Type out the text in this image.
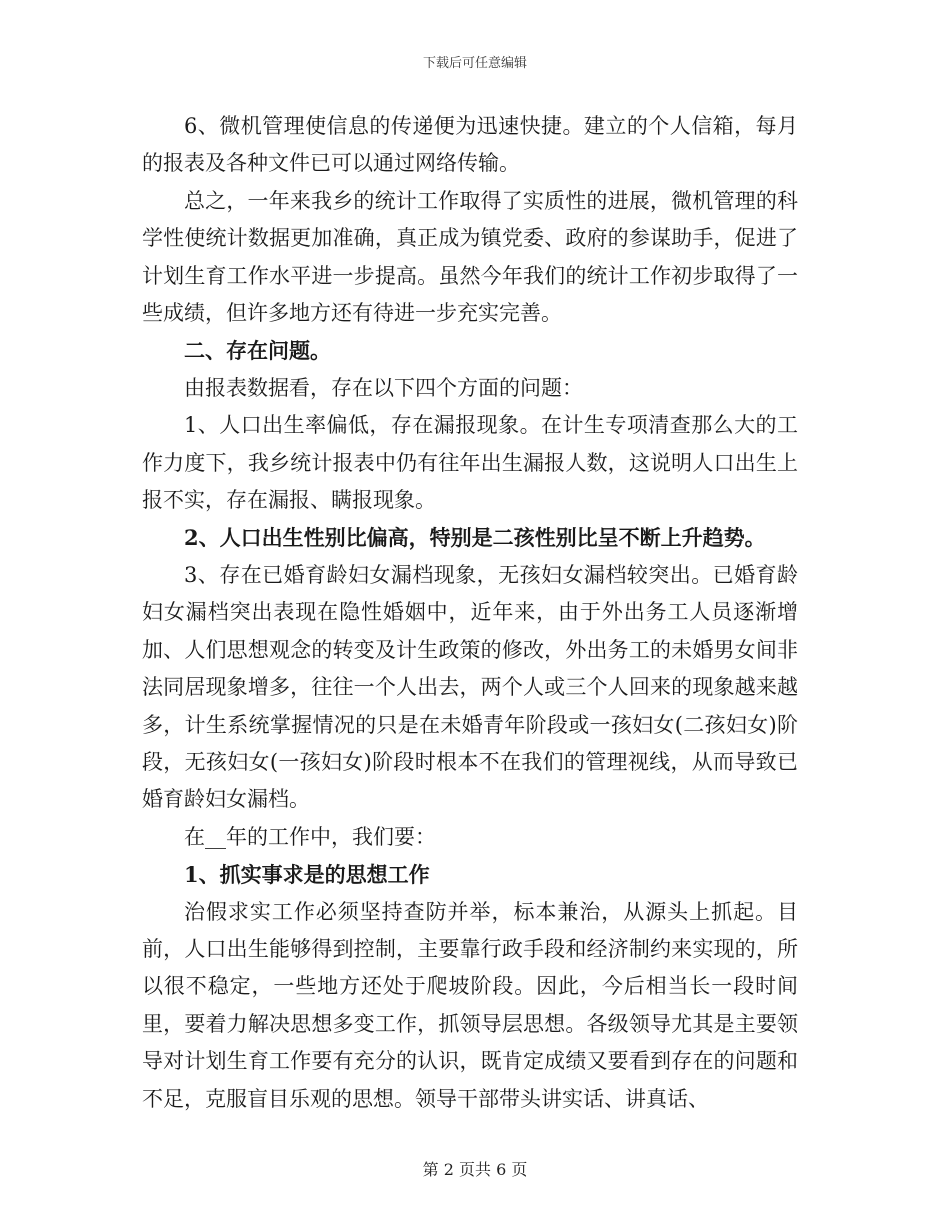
下载后可任意编辑

6、微机管理使信息的传递便为迅速快捷。建立的个人信箱，每月的报表及各种文件已可以通过网络传输。

总之，一年来我乡的统计工作取得了实质性的进展，微机管理的科学性使统计数据更加准确，真正成为镇党委、政府的参谋助手，促进了计划生育工作水平进一步提高。虽然今年我们的统计工作初步取得了一些成绩，但许多地方还有待进一步充实完善。

二、存在问题。

由报表数据看，存在以下四个方面的问题：

1、人口出生率偏低，存在漏报现象。在计生专项清查那么大的工作力度下，我乡统计报表中仍有往年出生漏报人数，这说明人口出生上报不实，存在漏报、瞒报现象。

2、人口出生性别比偏高，特别是二孩性别比呈不断上升趋势。

3、存在已婚育龄妇女漏档现象，无孩妇女漏档较突出。已婚育龄妇女漏档突出表现在隐性婚姻中，近年来，由于外出务工人员逐渐增加、人们思想观念的转变及计生政策的修改，外出务工的未婚男女间非法同居现象增多，往往一个人出去，两个人或三个人回来的现象越来越多，计生系统掌握情况的只是在未婚青年阶段或一孩妇女(二孩妇女)阶段，无孩妇女(一孩妇女)阶段时根本不在我们的管理视线，从而导致已婚育龄妇女漏档。

在__年的工作中，我们要：

1、抓实事求是的思想工作

治假求实工作必须坚持查防并举，标本兼治，从源头上抓起。目前，人口出生能够得到控制，主要靠行政手段和经济制约来实现的，所以很不稳定，一些地方还处于爬坡阶段。因此，今后相当长一段时间里，要着力解决思想多变工作，抓领导层思想。各级领导尤其是主要领导对计划生育工作要有充分的认识，既肯定成绩又要看到存在的问题和不足，克服盲目乐观的思想。领导干部带头讲实话、讲真话、

第 2 页共 6 页
